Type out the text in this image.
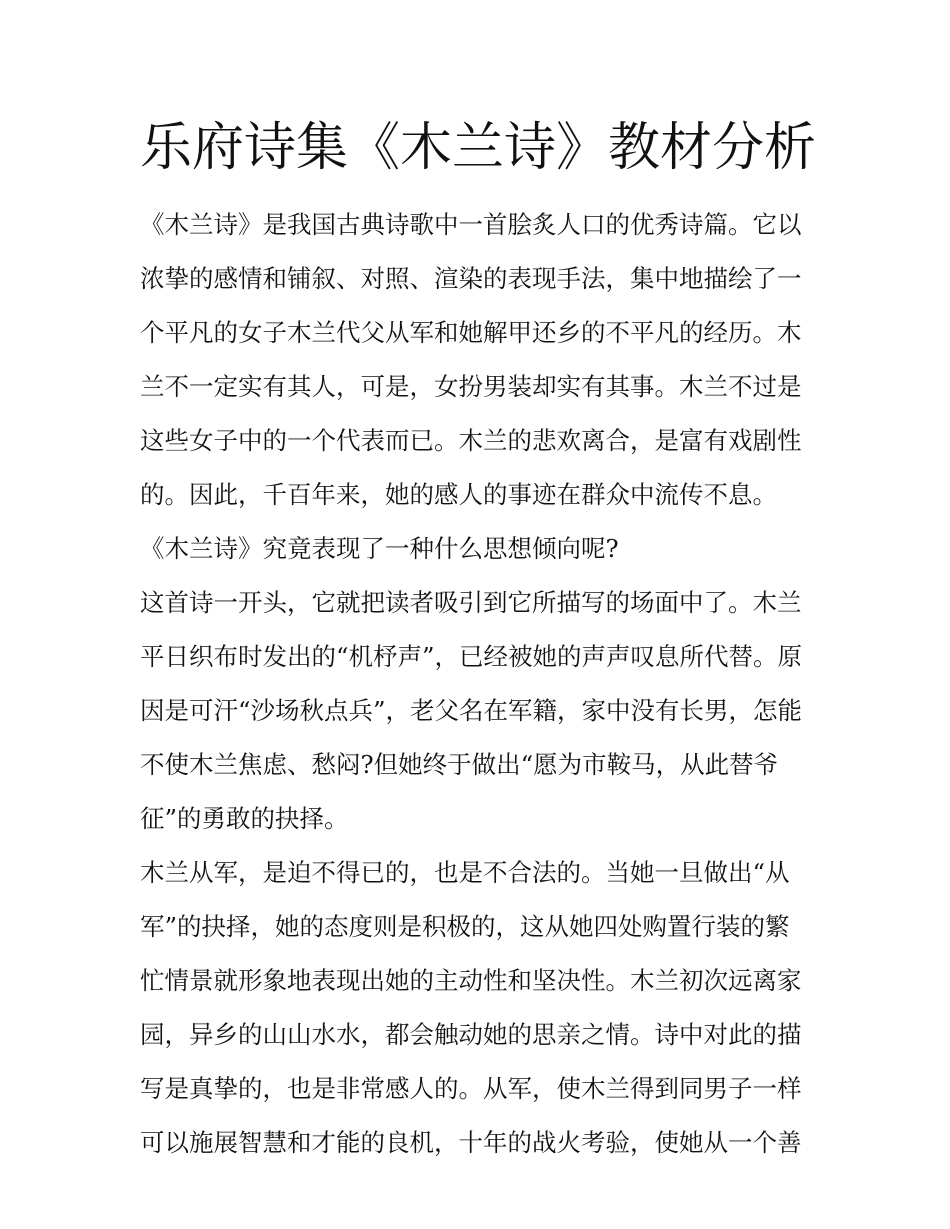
乐府诗集《木兰诗》教材分析
《木兰诗》是我国古典诗歌中一首脍炙人口的优秀诗篇。它以
浓挚的感情和铺叙、对照、渲染的表现手法，集中地描绘了一
个平凡的女子木兰代父从军和她解甲还乡的不平凡的经历。木
兰不一定实有其人，可是，女扮男装却实有其事。木兰不过是
这些女子中的一个代表而已。木兰的悲欢离合，是富有戏剧性
的。因此，千百年来，她的感人的事迹在群众中流传不息。
《木兰诗》究竟表现了一种什么思想倾向呢?
这首诗一开头，它就把读者吸引到它所描写的场面中了。木兰
平日织布时发出的“机杼声”，已经被她的声声叹息所代替。原
因是可汗“沙场秋点兵”，老父名在军籍，家中没有长男，怎能
不使木兰焦虑、愁闷?但她终于做出“愿为市鞍马，从此替爷
征”的勇敢的抉择。
木兰从军，是迫不得已的，也是不合法的。当她一旦做出“从
军”的抉择，她的态度则是积极的，这从她四处购置行装的繁
忙情景就形象地表现出她的主动性和坚决性。木兰初次远离家
园，异乡的山山水水，都会触动她的思亲之情。诗中对此的描
写是真挚的，也是非常感人的。从军，使木兰得到同男子一样
可以施展智慧和才能的良机，十年的战火考验，使她从一个善
